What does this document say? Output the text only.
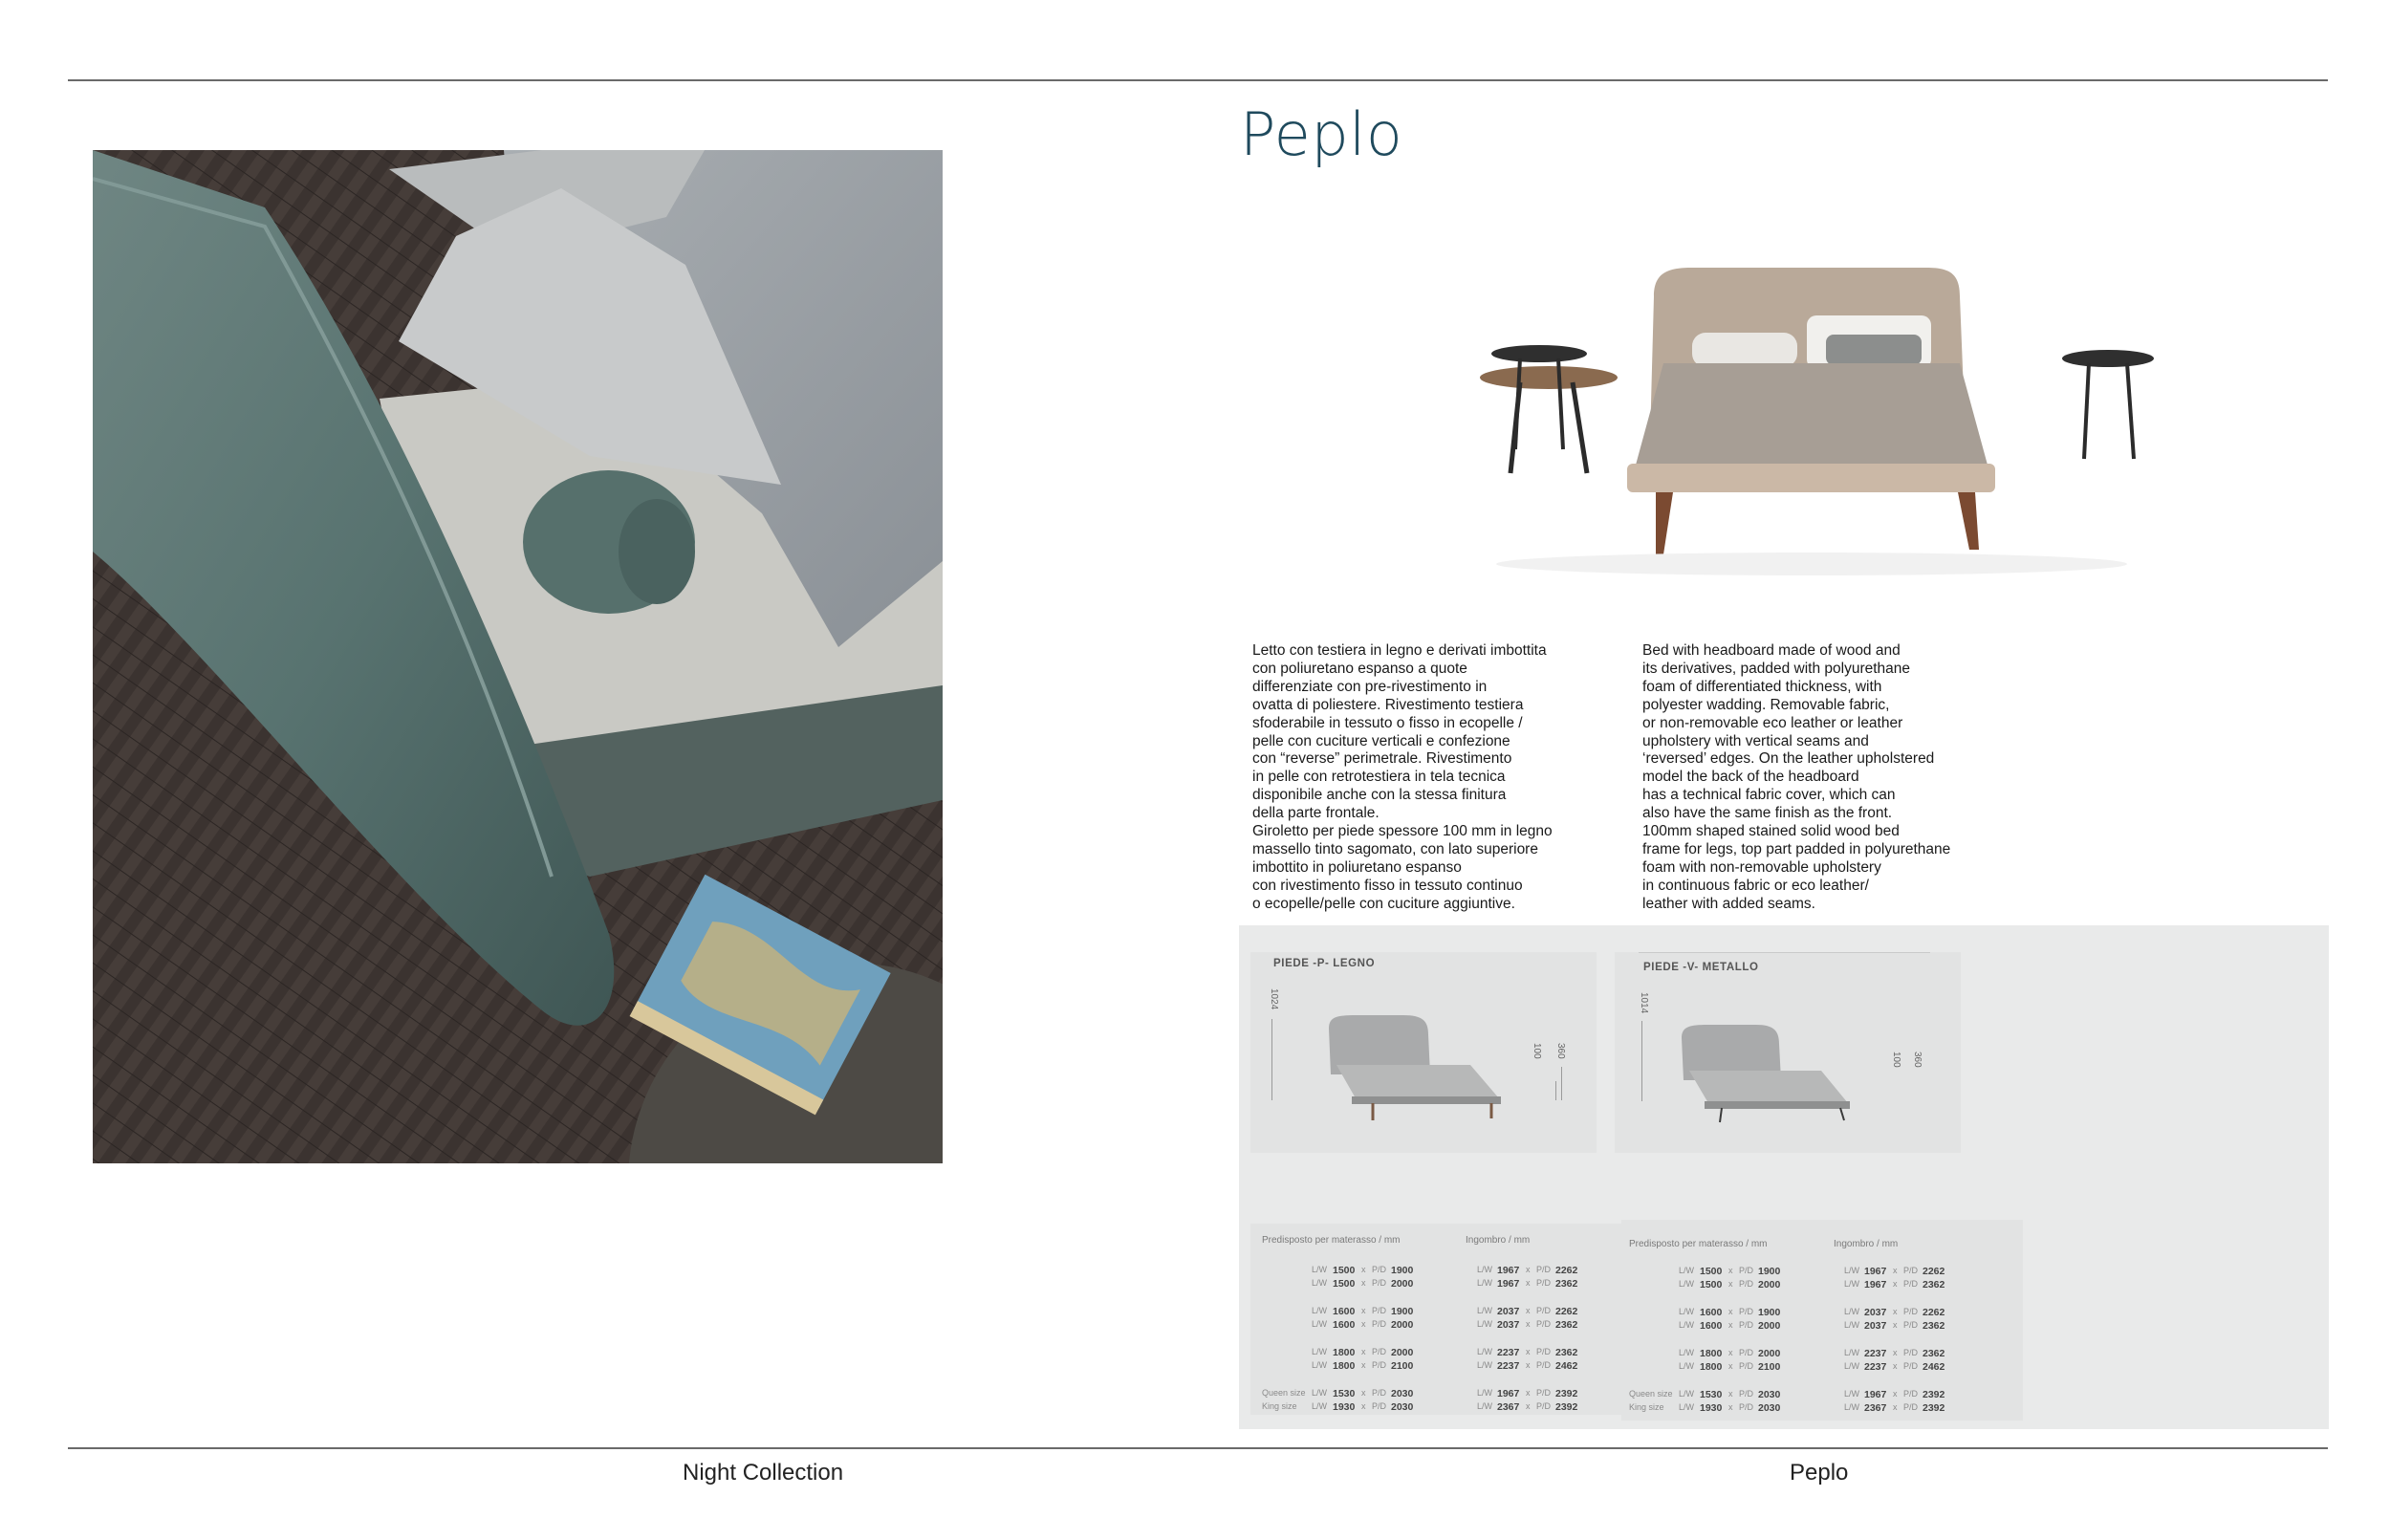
Peplo
Letto con testiera in legno e derivati imbottita
con poliuretano espanso a quote
differenziate con pre-rivestimento in
ovatta di poliestere. Rivestimento testiera
sfoderabile in tessuto o fisso in ecopelle /
pelle con cuciture verticali e confezione
con “reverse” perimetrale. Rivestimento
in pelle con retrotestiera in tela tecnica
disponibile anche con la stessa finitura
della parte frontale.
Giroletto per piede spessore 100 mm in legno
massello tinto sagomato, con lato superiore
imbottito in poliuretano espanso
con rivestimento fisso in tessuto continuo
o ecopelle/pelle con cuciture aggiuntive.
Bed with headboard made of wood and
its derivatives, padded with polyurethane
foam of differentiated thickness, with
polyester wadding. Removable fabric,
or non-removable eco leather or leather
upholstery with vertical seams and
‘reversed’ edges. On the leather upholstered
model the back of the headboard
has a technical fabric cover, which can
also have the same finish as the front.
100mm shaped stained solid wood bed
frame for legs, top part padded in polyurethane
foam with non-removable upholstery
in continuous fabric or eco leather/
leather with added seams.
PIEDE -P- LEGNO
1024
100 360
PIEDE -V- METALLO
1014
100 360
Predisposto per materasso / mm	Ingombro / mm
L/W 1500 x P/D 1900	L/W 1967 x P/D 2262
L/W 1500 x P/D 2000	L/W 1967 x P/D 2362
L/W 1600 x P/D 1900	L/W 2037 x P/D 2262
L/W 1600 x P/D 2000	L/W 2037 x P/D 2362
L/W 1800 x P/D 2000	L/W 2237 x P/D 2362
L/W 1800 x P/D 2100	L/W 2237 x P/D 2462
Queen size L/W 1530 x P/D 2030	L/W 1967 x P/D 2392
King size L/W 1930 x P/D 2030	L/W 2367 x P/D 2392
Predisposto per materasso / mm	Ingombro / mm
L/W 1500 x P/D 1900	L/W 1967 x P/D 2262
L/W 1500 x P/D 2000	L/W 1967 x P/D 2362
L/W 1600 x P/D 1900	L/W 2037 x P/D 2262
L/W 1600 x P/D 2000	L/W 2037 x P/D 2362
L/W 1800 x P/D 2000	L/W 2237 x P/D 2362
L/W 1800 x P/D 2100	L/W 2237 x P/D 2462
Queen size L/W 1530 x P/D 2030	L/W 1967 x P/D 2392
King size L/W 1930 x P/D 2030	L/W 2367 x P/D 2392
Night Collection	Peplo
